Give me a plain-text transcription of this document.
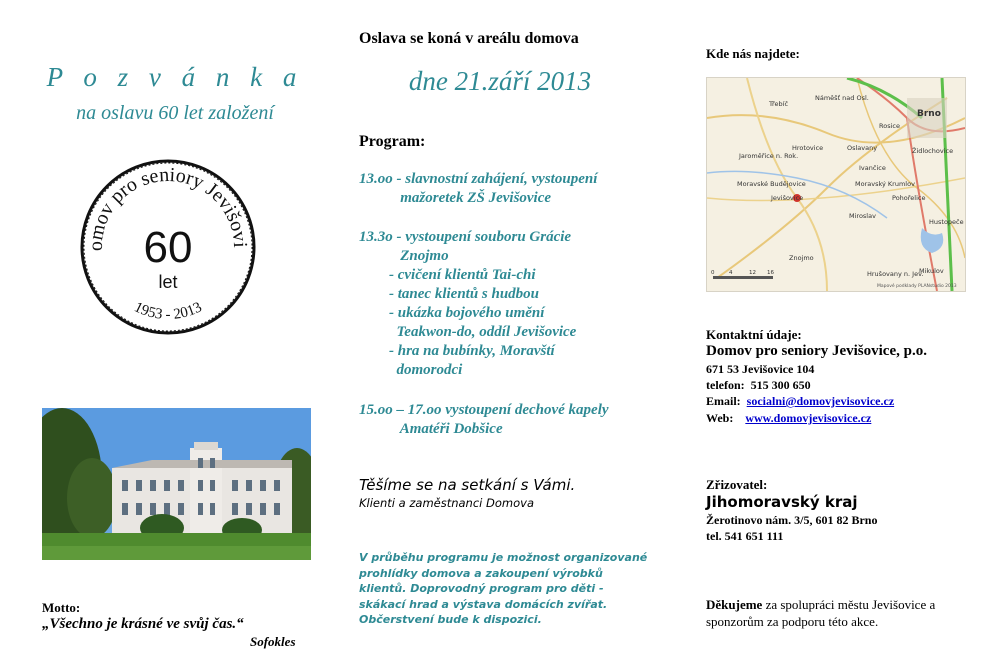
P o z v á n k a
na oslavu 60 let založení
omov pro seniory Jevišovi
1953 - 2013
60
let
Motto:
„Všechno je krásné ve svůj čas.“
Sofokles
Oslava se koná v areálu domova
dne 21.září 2013
Program:
13.oo - slavnostní zahájení, vystoupení
mažoretek ZŠ Jevišovice
13.3o - vystoupení souboru Grácie
Znojmo
- cvičení klientů Tai-chi
- tanec klientů s hudbou
- ukázka bojového umění
Teakwon-do, oddíl Jevišovice
- hra na bubínky, Moravští
domorodci
15.oo – 17.oo vystoupení dechové kapely
Amatéři Dobšice
Těšíme se na setkání s Vámi.
Klienti a zaměstnanci Domova
V průběhu programu je možnost organizované prohlídky domova a zakoupení výrobků klientů. Doprovodný program pro děti - skákací hrad a výstava domácích zvířat. Občerstvení bude k dispozici.
Kde nás najdete:
Brno
Třebíč
Náměšť nad Osl.
Rosice
Jaroměřice n. Rok.
Hrotovice	Oslavany
Ivančice
Moravský Krumlov
Moravské Budějovice
Jevišovice	Pohořelice
Miroslav
Znojmo
Hustopeče
Mikulov
Hrušovany n. Jev.
Židlochovice
0	4	12 16
Mapové podklady PLANstudio 2013
Kontaktní údaje:
Domov pro seniory Jevišovice, p.o.
671 53 Jevišovice 104
telefon: 515 300 650
Email: socialni@domovjevisovice.cz
Web: www.domovjevisovice.cz
Zřizovatel:
Jihomoravský kraj
Žerotinovo nám. 3/5, 601 82 Brno
tel. 541 651 111
Děkujeme za spolupráci městu Jevišovice a sponzorům za podporu této akce.
